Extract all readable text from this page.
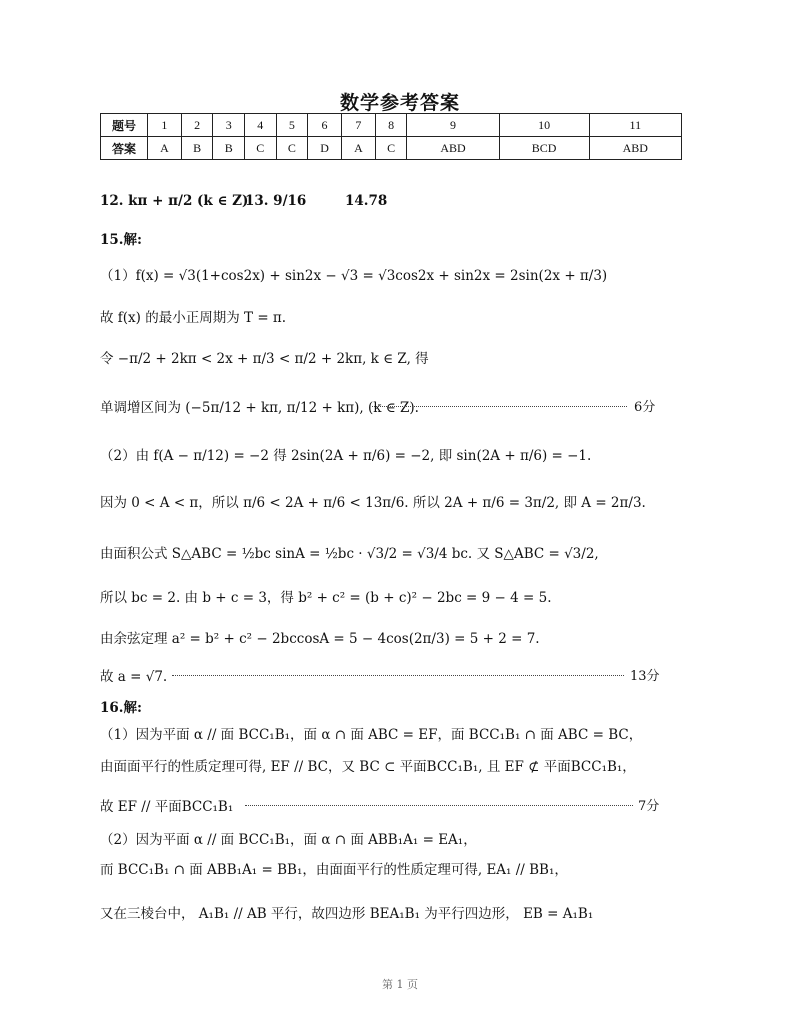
数学参考答案
题号	1	2	3	4	5	6	7	8	9	10	11
答案	A	B	B	C	C	D	A	C	ABD	BCD	ABD
12. kπ + π/2 (k ∈ Z)
13. 9/16	14.78
15.解:
（1）f(x) = √3(1+cos2x) + sin2x − √3 = √3cos2x + sin2x = 2sin(2x + π/3)
故 f(x) 的最小正周期为 T = π.
令 −π/2 + 2kπ < 2x + π/3 < π/2 + 2kπ, k ∈ Z, 得
单调增区间为 (−5π/12 + kπ, π/12 + kπ), (k ∈ Z).	6分
（2）由 f(A − π/12) = −2 得 2sin(2A + π/6) = −2, 即 sin(2A + π/6) = −1.
因为 0 < A < π，所以 π/6 < 2A + π/6 < 13π/6. 所以 2A + π/6 = 3π/2, 即 A = 2π/3.
由面积公式 S△ABC = ½bc sinA = ½bc · √3/2 = √3/4 bc. 又 S△ABC = √3/2,
所以 bc = 2. 由 b + c = 3，得 b² + c² = (b + c)² − 2bc = 9 − 4 = 5.
由余弦定理 a² = b² + c² − 2bccosA = 5 − 4cos(2π/3) = 5 + 2 = 7.
故 a = √7.	13分
16.解:
（1）因为平面 α // 面 BCC₁B₁，面 α ∩ 面 ABC = EF，面 BCC₁B₁ ∩ 面 ABC = BC，
由面面平行的性质定理可得, EF // BC，又 BC ⊂ 平面BCC₁B₁, 且 EF ⊄ 平面BCC₁B₁，
故 EF // 平面BCC₁B₁	7分
（2）因为平面 α // 面 BCC₁B₁，面 α ∩ 面 ABB₁A₁ = EA₁，
而 BCC₁B₁ ∩ 面 ABB₁A₁ = BB₁，由面面平行的性质定理可得, EA₁ // BB₁，
又在三棱台中， A₁B₁ // AB 平行，故四边形 BEA₁B₁ 为平行四边形， EB = A₁B₁
第 1 页
